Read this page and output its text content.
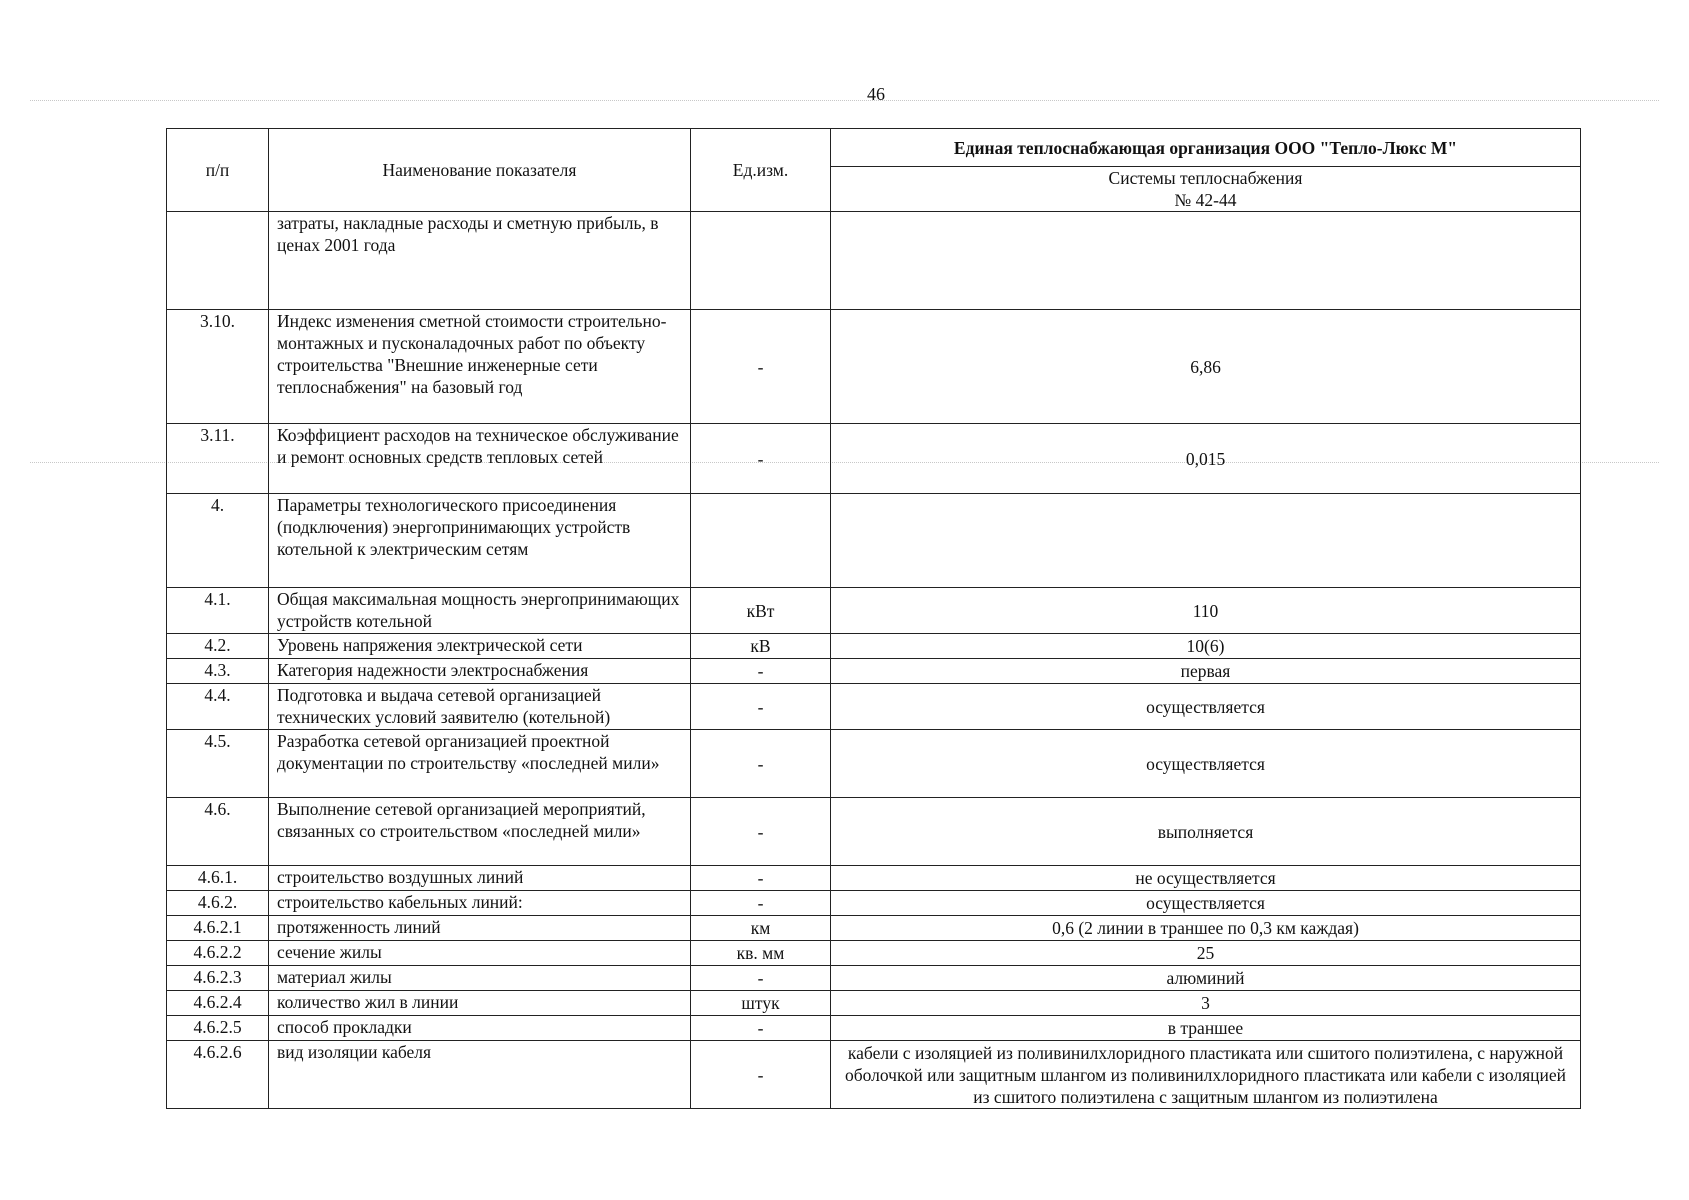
46
п/п	Наименование показателя	Ед.изм.	Единая теплоснабжающая организация ООО "Тепло-Люкс М"

			Системы теплоснабжения
№ 42-44

	затраты, накладные расходы и сметную прибыль, в ценах 2001 года		
3.10.	Индекс изменения сметной стоимости строительно-монтажных и пусконаладочных работ по объекту строительства "Внешние инженерные сети теплоснабжения" на базовый год	-	6,86
3.11.	Коэффициент расходов на техническое обслуживание и ремонт основных средств тепловых сетей	-	0,015
4.	Параметры технологического присоединения (подключения) энергопринимающих устройств котельной к электрическим сетям		
4.1.	Общая максимальная мощность энергопринимающих устройств котельной	кВт	110
4.2.	Уровень напряжения электрической сети	кВ	10(6)
4.3.	Категория надежности электроснабжения	-	первая
4.4.	Подготовка и выдача сетевой организацией технических условий заявителю (котельной)	-	осуществляется
4.5.	Разработка сетевой организацией проектной документации по строительству «последней мили»	-	осуществляется
4.6.	Выполнение сетевой организацией мероприятий, связанных со строительством «последней мили»	-	выполняется
4.6.1.	строительство воздушных линий	-	не осуществляется
4.6.2.	строительство кабельных линий:	-	осуществляется
4.6.2.1	протяженность линий	км	0,6 (2 линии в траншее по 0,3 км каждая)
4.6.2.2	сечение жилы	кв. мм	25
4.6.2.3	материал жилы	-	алюминий
4.6.2.4	количество жил в линии	штук	3
4.6.2.5	способ прокладки	-	в траншее
4.6.2.6	вид изоляции кабеля	-	кабели с изоляцией из поливинилхлоридного пластиката или сшитого полиэтилена, с наружной оболочкой или защитным шлангом из поливинилхлоридного пластиката или кабели с изоляцией из сшитого полиэтилена с защитным шлангом из полиэтилена
